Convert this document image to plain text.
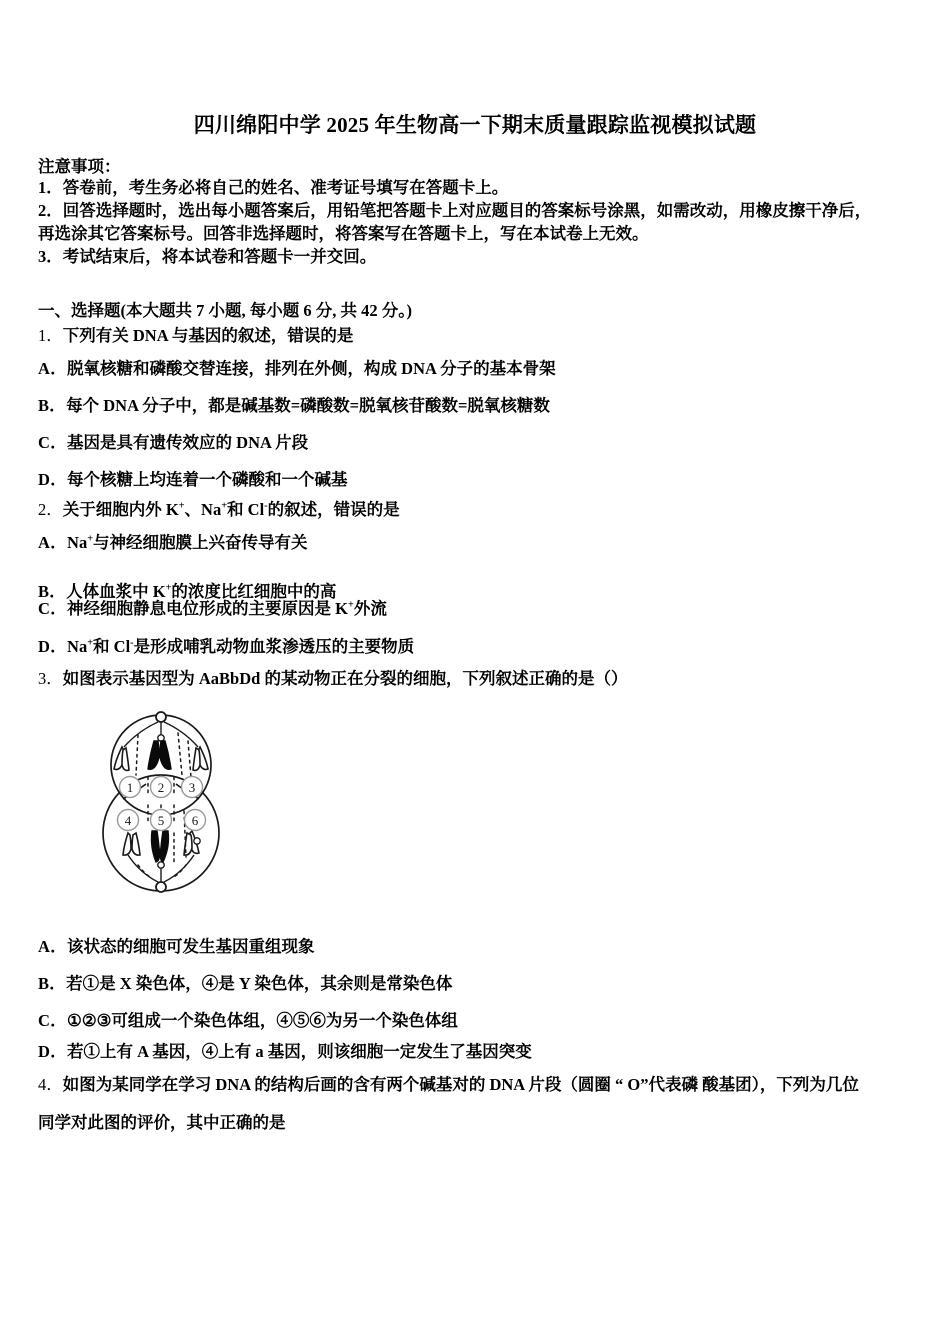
四川绵阳中学 2025 年生物高一下期末质量跟踪监视模拟试题
注意事项：
1．答卷前，考生务必将自己的姓名、准考证号填写在答题卡上。
2．回答选择题时，选出每小题答案后，用铅笔把答题卡上对应题目的答案标号涂黑，如需改动，用橡皮擦干净后，
再选涂其它答案标号。回答非选择题时，将答案写在答题卡上，写在本试卷上无效。
3．考试结束后，将本试卷和答题卡一并交回。
一、选择题(本大题共 7 小题, 每小题 6 分, 共 42 分。)
1．下列有关 DNA 与基因的叙述，错误的是
A．脱氧核糖和磷酸交替连接，排列在外侧，构成 DNA 分子的基本骨架
B．每个 DNA 分子中，都是碱基数=磷酸数=脱氧核苷酸数=脱氧核糖数
C．基因是具有遗传效应的 DNA 片段
D．每个核糖上均连着一个磷酸和一个碱基
2．关于细胞内外 K+、Na+和 Cl-的叙述，错误的是
A．Na+与神经细胞膜上兴奋传导有关
B．人体血浆中 K+的浓度比红细胞中的高
C．神经细胞静息电位形成的主要原因是 K+外流
D．Na+和 Cl-是形成哺乳动物血浆渗透压的主要物质
3．如图表示基因型为 AaBbDd 的某动物正在分裂的细胞，下列叙述正确的是（）
1 2 3
4 5 6
A．该状态的细胞可发生基因重组现象
B．若①是 X 染色体，④是 Y 染色体，其余则是常染色体
C．①②③可组成一个染色体组，④⑤⑥为另一个染色体组
D．若①上有 A 基因，④上有 a 基因，则该细胞一定发生了基因突变
4．如图为某同学在学习 DNA 的结构后画的含有两个碱基对的 DNA 片段（圆圈 “ O”代表磷 酸基团），下列为几位
同学对此图的评价，其中正确的是
